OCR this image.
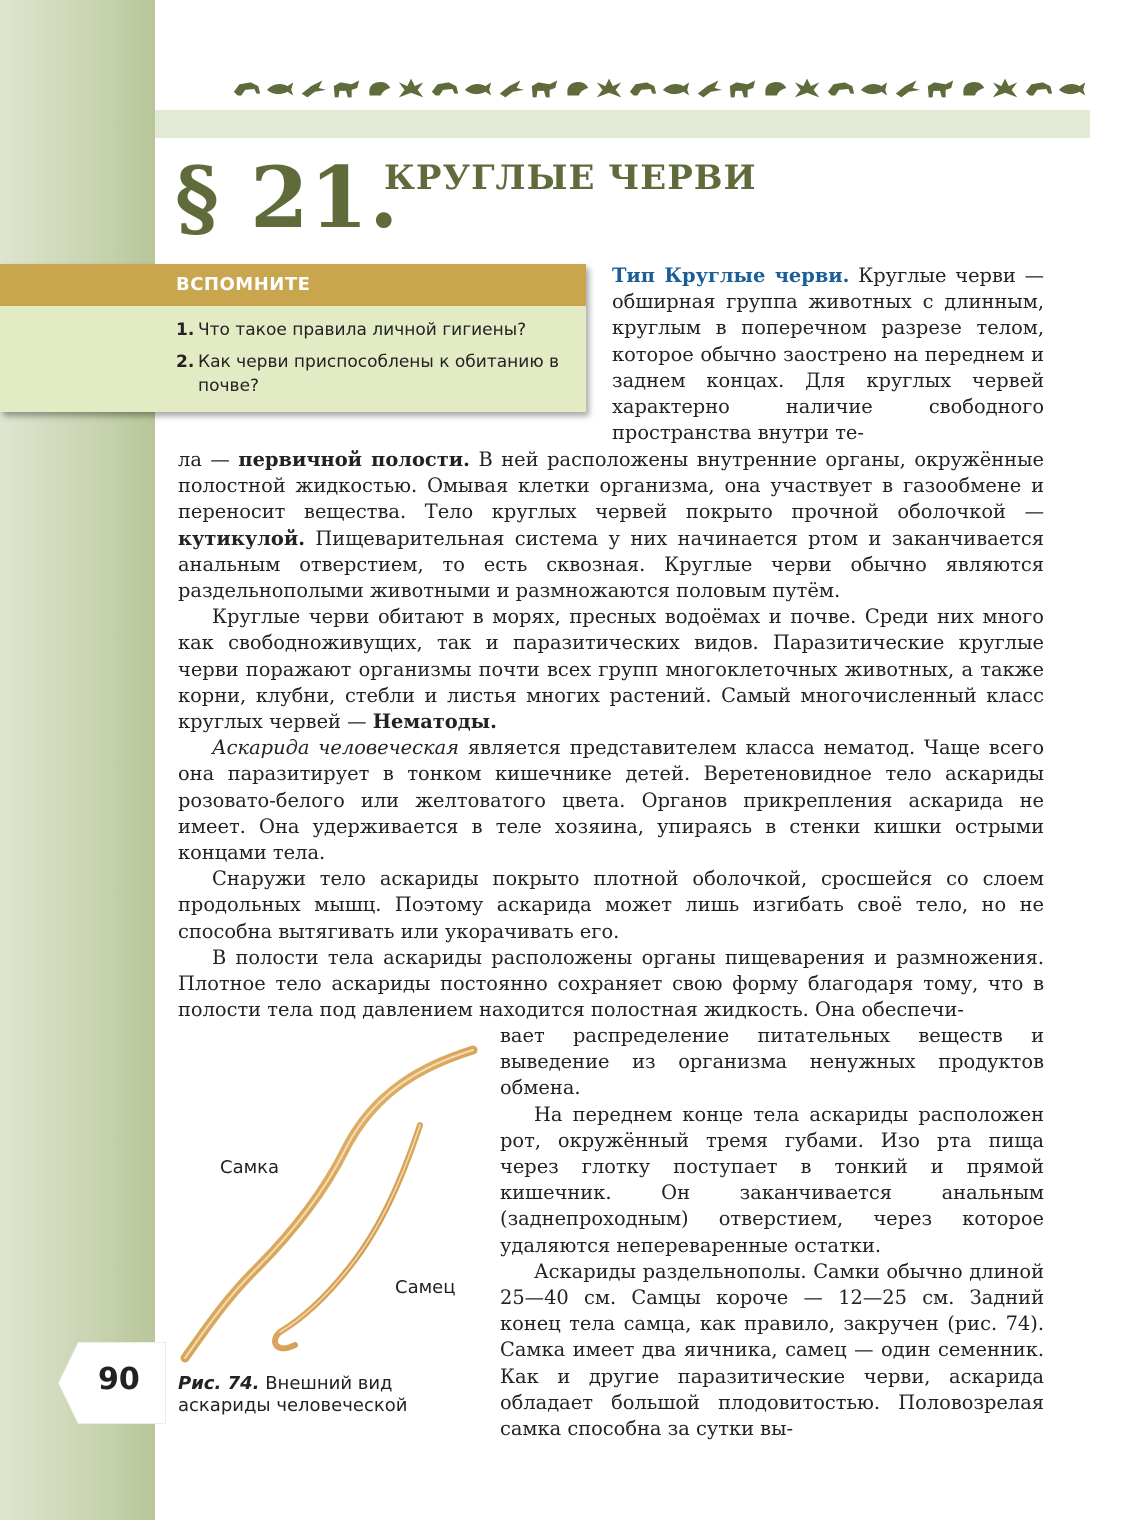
§ 21.
КРУГЛЫЕ ЧЕРВИ
ВСПОМНИТЕ
1. Что такое правила личной гигиены?
2. Как черви приспособлены к обитанию в почве?

Тип Круглые черви. Круглые черви — обширная группа животных с длинным, круглым в поперечном разрезе телом, которое обычно заострено на переднем и заднем концах. Для круглых червей характерно наличие свободного пространства внутри те-

ла — первичной полости. В ней расположены внутренние органы, окружённые полостной жидкостью. Омывая клетки организма, она участвует в газообмене и переносит вещества. Тело круглых червей покрыто прочной оболочкой — кутикулой. Пищеварительная система у них начинается ртом и заканчивается анальным отверстием, то есть сквозная. Круглые черви обычно являются раздельнополыми животными и размножаются половым путём.

Круглые черви обитают в морях, пресных водоёмах и почве. Среди них много как свободноживущих, так и паразитических видов. Паразитические круглые черви поражают организмы почти всех групп многоклеточных животных, а также корни, клубни, стебли и листья многих растений. Самый многочисленный класс круглых червей — Нематоды.

Аскарида человеческая является представителем класса нематод. Чаще всего она паразитирует в тонком кишечнике детей. Веретеновидное тело аскариды розовато-белого или желтоватого цвета. Органов прикрепления аскарида не имеет. Она удерживается в теле хозяина, упираясь в стенки кишки острыми концами тела.

Снаружи тело аскариды покрыто плотной оболочкой, сросшейся со слоем продольных мышц. Поэтому аскарида может лишь изгибать своё тело, но не способна вытягивать или укорачивать его.

В полости тела аскариды расположены органы пищеварения и размножения. Плотное тело аскариды постоянно сохраняет свою форму благодаря тому, что в полости тела под давлением находится полостная жидкость. Она обеспечи-

вает распределение питательных веществ и выведение из организма ненужных продуктов обмена.

На переднем конце тела аскариды расположен рот, окружённый тремя губами. Изо рта пища через глотку поступает в тонкий и прямой кишечник. Он заканчивается анальным (заднепроходным) отверстием, через которое удаляются непереваренные остатки.

Аскариды раздельнополы. Самки обычно длиной 25—40 см. Самцы короче — 12—25 см. Задний конец тела самца, как правило, закручен (рис. 74). Самка имеет два яичника, самец — один семенник. Как и другие паразитические черви, аскарида обладает большой плодовитостью. Половозрелая самка способна за сутки вы-

Самка
Самец
Рис. 74. Внешний вид аскариды человеческой
90
